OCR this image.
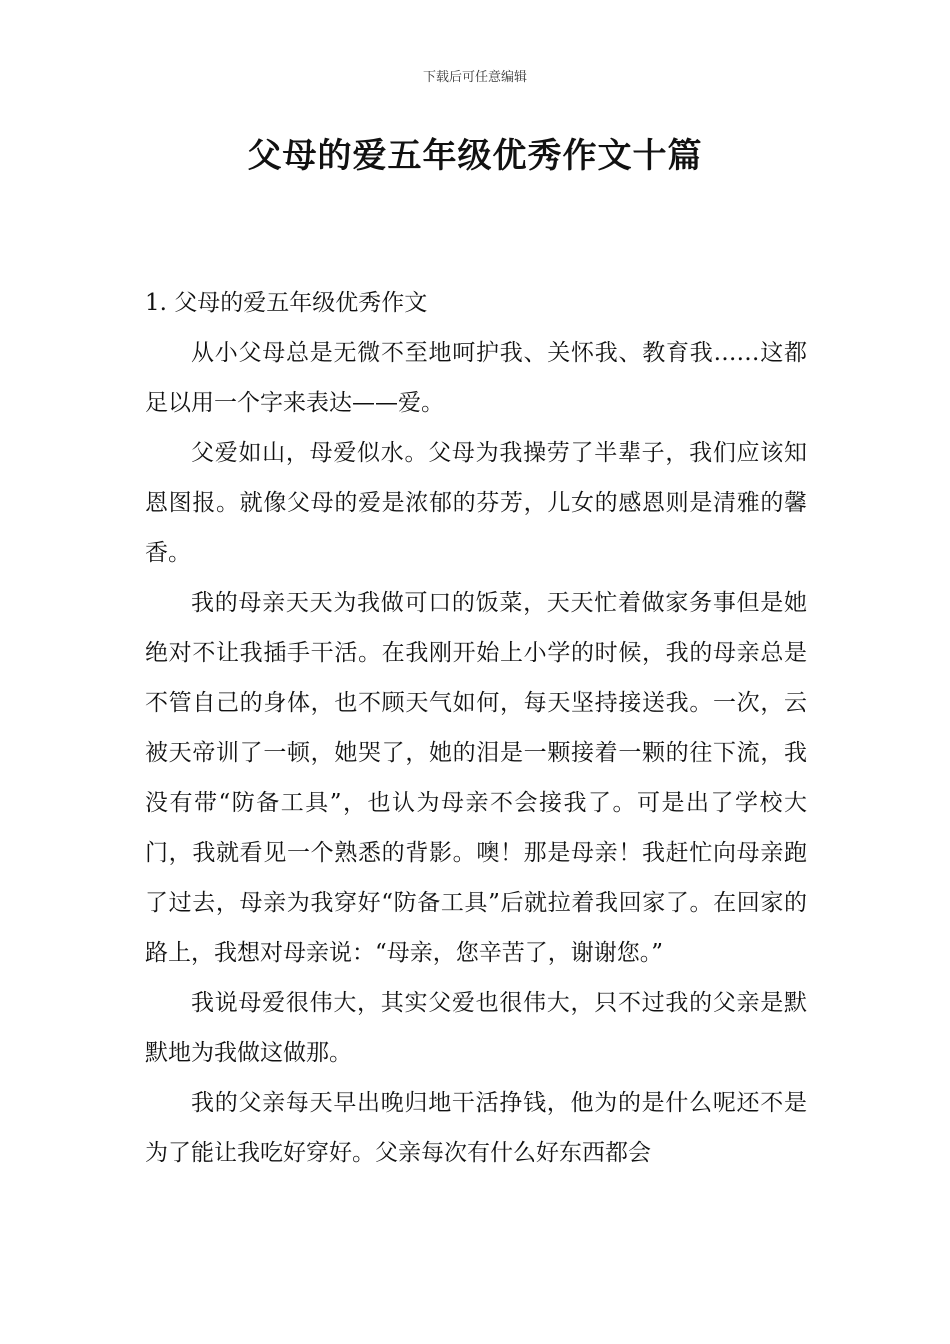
下载后可任意编辑
父母的爱五年级优秀作文十篇

1. 父母的爱五年级优秀作文

从小父母总是无微不至地呵护我、关怀我、教育我……这都足以用一个字来表达——爱。

父爱如山，母爱似水。父母为我操劳了半辈子，我们应该知恩图报。就像父母的爱是浓郁的芬芳，儿女的感恩则是清雅的馨香。

我的母亲天天为我做可口的饭菜，天天忙着做家务事但是她绝对不让我插手干活。在我刚开始上小学的时候，我的母亲总是不管自己的身体，也不顾天气如何，每天坚持接送我。一次，云被天帝训了一顿，她哭了，她的泪是一颗接着一颗的往下流，我没有带“防备工具”，也认为母亲不会接我了。可是出了学校大门，我就看见一个熟悉的背影。噢！那是母亲！我赶忙向母亲跑了过去，母亲为我穿好“防备工具”后就拉着我回家了。在回家的路上，我想对母亲说：“母亲，您辛苦了，谢谢您。”

我说母爱很伟大，其实父爱也很伟大，只不过我的父亲是默默地为我做这做那。

我的父亲每天早出晚归地干活挣钱，他为的是什么呢还不是为了能让我吃好穿好。父亲每次有什么好东西都会
